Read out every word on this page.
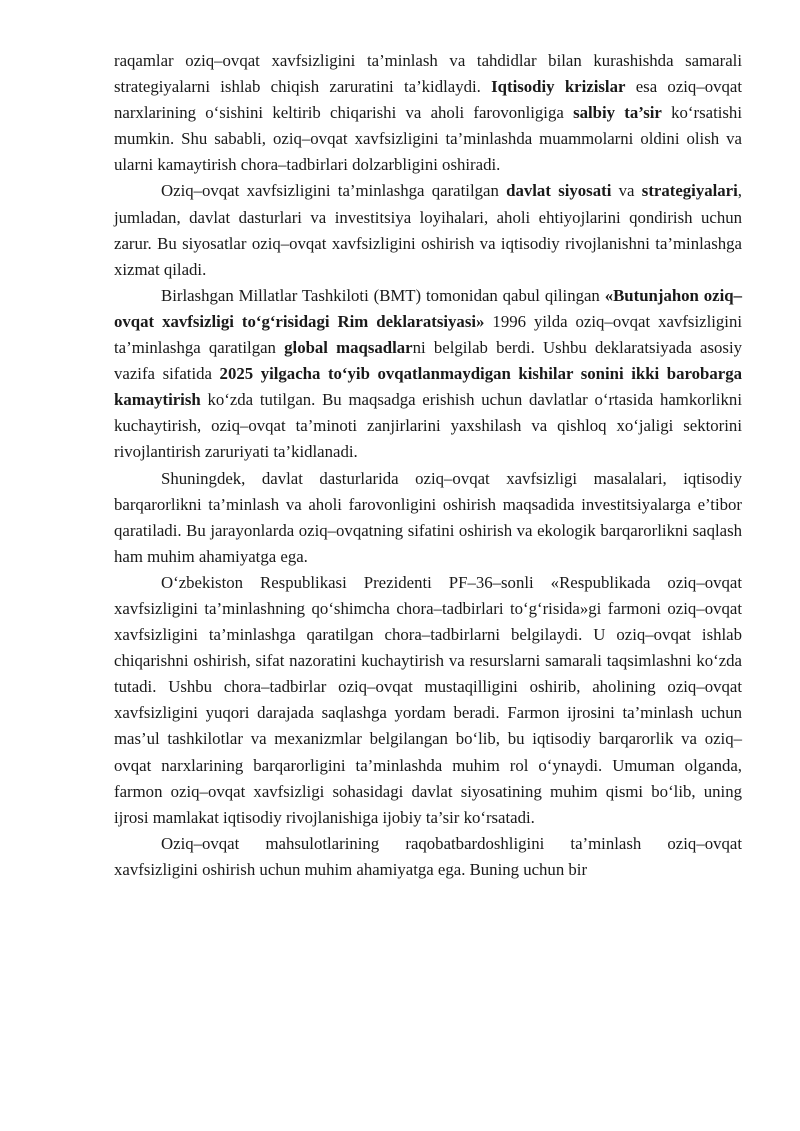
raqamlar oziq–ovqat xavfsizligini ta’minlash va tahdidlar bilan kurashishda samarali strategiyalarni ishlab chiqish zaruratini ta’kidlaydi. Iqtisodiy krizislar esa oziq–ovqat narxlarining o‘sishini keltirib chiqarishi va aholi farovonligiga salbiy ta’sir ko‘rsatishi mumkin. Shu sababli, oziq–ovqat xavfsizligini ta’minlashda muammolarni oldini olish va ularni kamaytirish chora–tadbirlari dolzarbligini oshiradi.

Oziq–ovqat xavfsizligini ta’minlashga qaratilgan davlat siyosati va strategiyalari, jumladan, davlat dasturlari va investitsiya loyihalari, aholi ehtiyojlarini qondirish uchun zarur. Bu siyosatlar oziq–ovqat xavfsizligini oshirish va iqtisodiy rivojlanishni ta’minlashga xizmat qiladi.

Birlashgan Millatlar Tashkiloti (BMT) tomonidan qabul qilingan «Butunjahon oziq–ovqat xavfsizligi to‘g‘risidagi Rim deklaratsiyasi» 1996 yilda oziq–ovqat xavfsizligini ta’minlashga qaratilgan global maqsadlarni belgilab berdi. Ushbu deklaratsiyada asosiy vazifa sifatida 2025 yilgacha to‘yib ovqatlanmaydigan kishilar sonini ikki barobarga kamaytirish ko‘zda tutilgan. Bu maqsadga erishish uchun davlatlar o‘rtasida hamkorlikni kuchaytirish, oziq–ovqat ta’minoti zanjirlarini yaxshilash va qishloq xo‘jaligi sektorini rivojlantirish zaruriyati ta’kidlanadi.

Shuningdek, davlat dasturlarida oziq–ovqat xavfsizligi masalalari, iqtisodiy barqarorlikni ta’minlash va aholi farovonligini oshirish maqsadida investitsiyalarga e’tibor qaratiladi. Bu jarayonlarda oziq–ovqatning sifatini oshirish va ekologik barqarorlikni saqlash ham muhim ahamiyatga ega.

O‘zbekiston Respublikasi Prezidenti PF–36–sonli «Respublikada oziq–ovqat xavfsizligini ta’minlashning qo‘shimcha chora–tadbirlari to‘g‘risida»gi farmoni oziq–ovqat xavfsizligini ta’minlashga qaratilgan chora–tadbirlarni belgilaydi. U oziq–ovqat ishlab chiqarishni oshirish, sifat nazoratini kuchaytirish va resurslarni samarali taqsimlashni ko‘zda tutadi. Ushbu chora–tadbirlar oziq–ovqat mustaqilligini oshirib, aholining oziq–ovqat xavfsizligini yuqori darajada saqlashga yordam beradi. Farmon ijrosini ta’minlash uchun mas’ul tashkilotlar va mexanizmlar belgilangan bo‘lib, bu iqtisodiy barqarorlik va oziq–ovqat narxlarining barqarorligini ta’minlashda muhim rol o‘ynaydi. Umuman olganda, farmon oziq–ovqat xavfsizligi sohasidagi davlat siyosatining muhim qismi bo‘lib, uning ijrosi mamlakat iqtisodiy rivojlanishiga ijobiy ta’sir ko‘rsatadi.

Oziq–ovqat mahsulotlarining raqobatbardoshligini ta’minlash oziq–ovqat xavfsizligini oshirish uchun muhim ahamiyatga ega. Buning uchun bir
